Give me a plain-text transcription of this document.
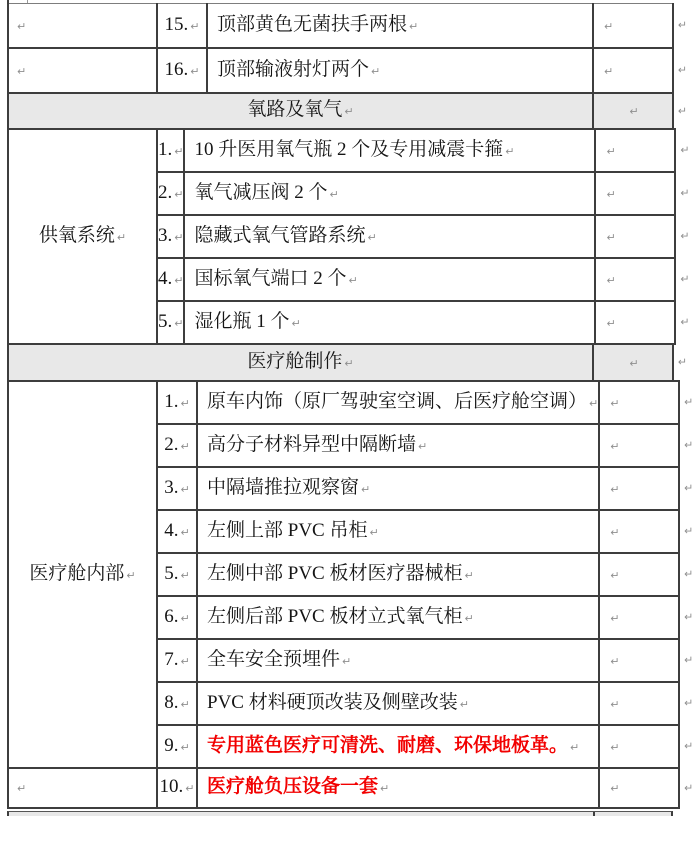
↵	15. ↵	顶部黄色无菌扶手两根 ↵	↵ ↵

↵	16. ↵	顶部输液射灯两个 ↵	↵ ↵
氧路及氧气 ↵	↵	↵
供氧系统 ↵	1. ↵	10 升医用氧气瓶 2 个及专用减震卡箍 ↵	↵ ↵

	2. ↵	氧气减压阀 2 个 ↵	↵ ↵

	3. ↵	隐藏式氧气管路系统 ↵	↵ ↵

	4. ↵	国标氧气端口 2 个 ↵	↵ ↵

	5. ↵	湿化瓶 1 个 ↵	↵ ↵
医疗舱制作 ↵	↵	↵
医疗舱内部 ↵	1. ↵	原车内饰（原厂驾驶室空调、后医疗舱空调） ↵	↵ ↵

	2. ↵	高分子材料异型中隔断墙 ↵	↵ ↵

	3. ↵	中隔墙推拉观察窗 ↵	↵ ↵

	4. ↵	左侧上部 PVC 吊柜 ↵	↵ ↵

	5. ↵	左侧中部 PVC 板材医疗器械柜 ↵	↵ ↵

	6. ↵	左侧后部 PVC 板材立式氧气柜 ↵	↵ ↵

	7. ↵	全车安全预埋件 ↵	↵ ↵

	8. ↵	PVC 材料硬顶改装及侧壁改装 ↵	↵ ↵

	9. ↵	专用蓝色医疗可清洗、耐磨、环保地板革。 ↵	↵ ↵

↵	10. ↵	医疗舱负压设备一套 ↵	↵ ↵
